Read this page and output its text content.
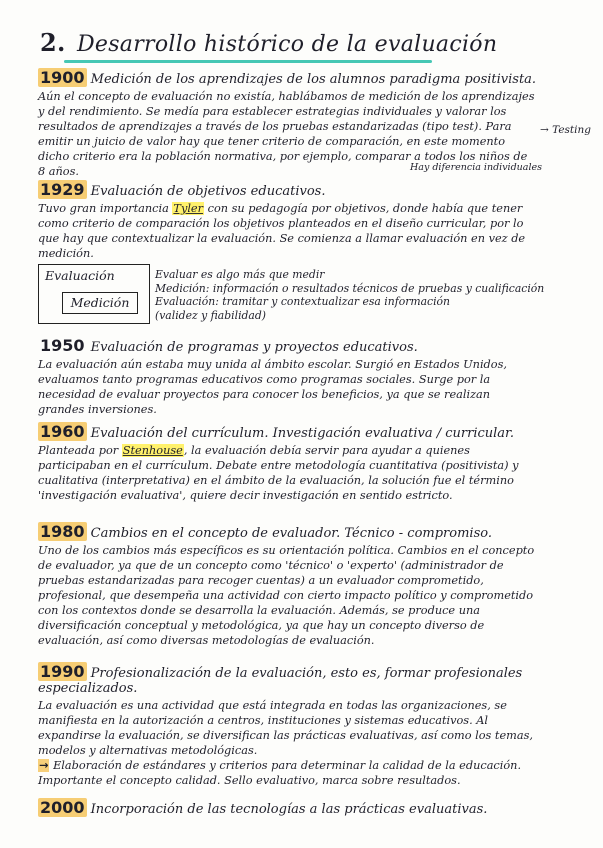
2. Desarrollo histórico de la evaluación
1900 Medición de los aprendizajes de los alumnos paradigma positivista.
Aún el concepto de evaluación no existía, hablábamos de medición de los aprendizajes y del rendimiento. Se medía para establecer estrategias individuales y valorar los resultados de aprendizajes a través de los pruebas estandarizadas (tipo test). Para emitir un juicio de valor hay que tener criterio de comparación, en este momento dicho criterio era la población normativa, por ejemplo, comparar a todos los niños de 8 años.
→ Testing
Hay diferencia individuales
1929 Evaluación de objetivos educativos.
Tuvo gran importancia Tyler con su pedagogía por objetivos, donde había que tener como criterio de comparación los objetivos planteados en el diseño curricular, por lo que hay que contextualizar la evaluación. Se comienza a llamar evaluación en vez de medición.
Evaluación
Medición
Evaluar es algo más que medir
Medición: información o resultados técnicos de pruebas y cualificación
Evaluación: tramitar y contextualizar esa información
(validez y fiabilidad)
1950 Evaluación de programas y proyectos educativos.
La evaluación aún estaba muy unida al ámbito escolar. Surgió en Estados Unidos, evaluamos tanto programas educativos como programas sociales. Surge por la necesidad de evaluar proyectos para conocer los beneficios, ya que se realizan grandes inversiones.
1960 Evaluación del currículum. Investigación evaluativa / curricular.
Planteada por Stenhouse, la evaluación debía servir para ayudar a quienes participaban en el currículum. Debate entre metodología cuantitativa (positivista) y cualitativa (interpretativa) en el ámbito de la evaluación, la solución fue el término 'investigación evaluativa', quiere decir investigación en sentido estricto.
1980 Cambios en el concepto de evaluador. Técnico - compromiso.
Uno de los cambios más específicos es su orientación política. Cambios en el concepto de evaluador, ya que de un concepto como 'técnico' o 'experto' (administrador de pruebas estandarizadas para recoger cuentas) a un evaluador comprometido, profesional, que desempeña una actividad con cierto impacto político y comprometido con los contextos donde se desarrolla la evaluación. Además, se produce una diversificación conceptual y metodológica, ya que hay un concepto diverso de evaluación, así como diversas metodologías de evaluación.
1990 Profesionalización de la evaluación, esto es, formar profesionales especializados.
La evaluación es una actividad que está integrada en todas las organizaciones, se manifiesta en la autorización a centros, instituciones y sistemas educativos. Al expandirse la evaluación, se diversifican las prácticas evaluativas, así como los temas, modelos y alternativas metodológicas.
→ Elaboración de estándares y criterios para determinar la calidad de la educación. Importante el concepto calidad. Sello evaluativo, marca sobre resultados.
2000 Incorporación de las tecnologías a las prácticas evaluativas.
